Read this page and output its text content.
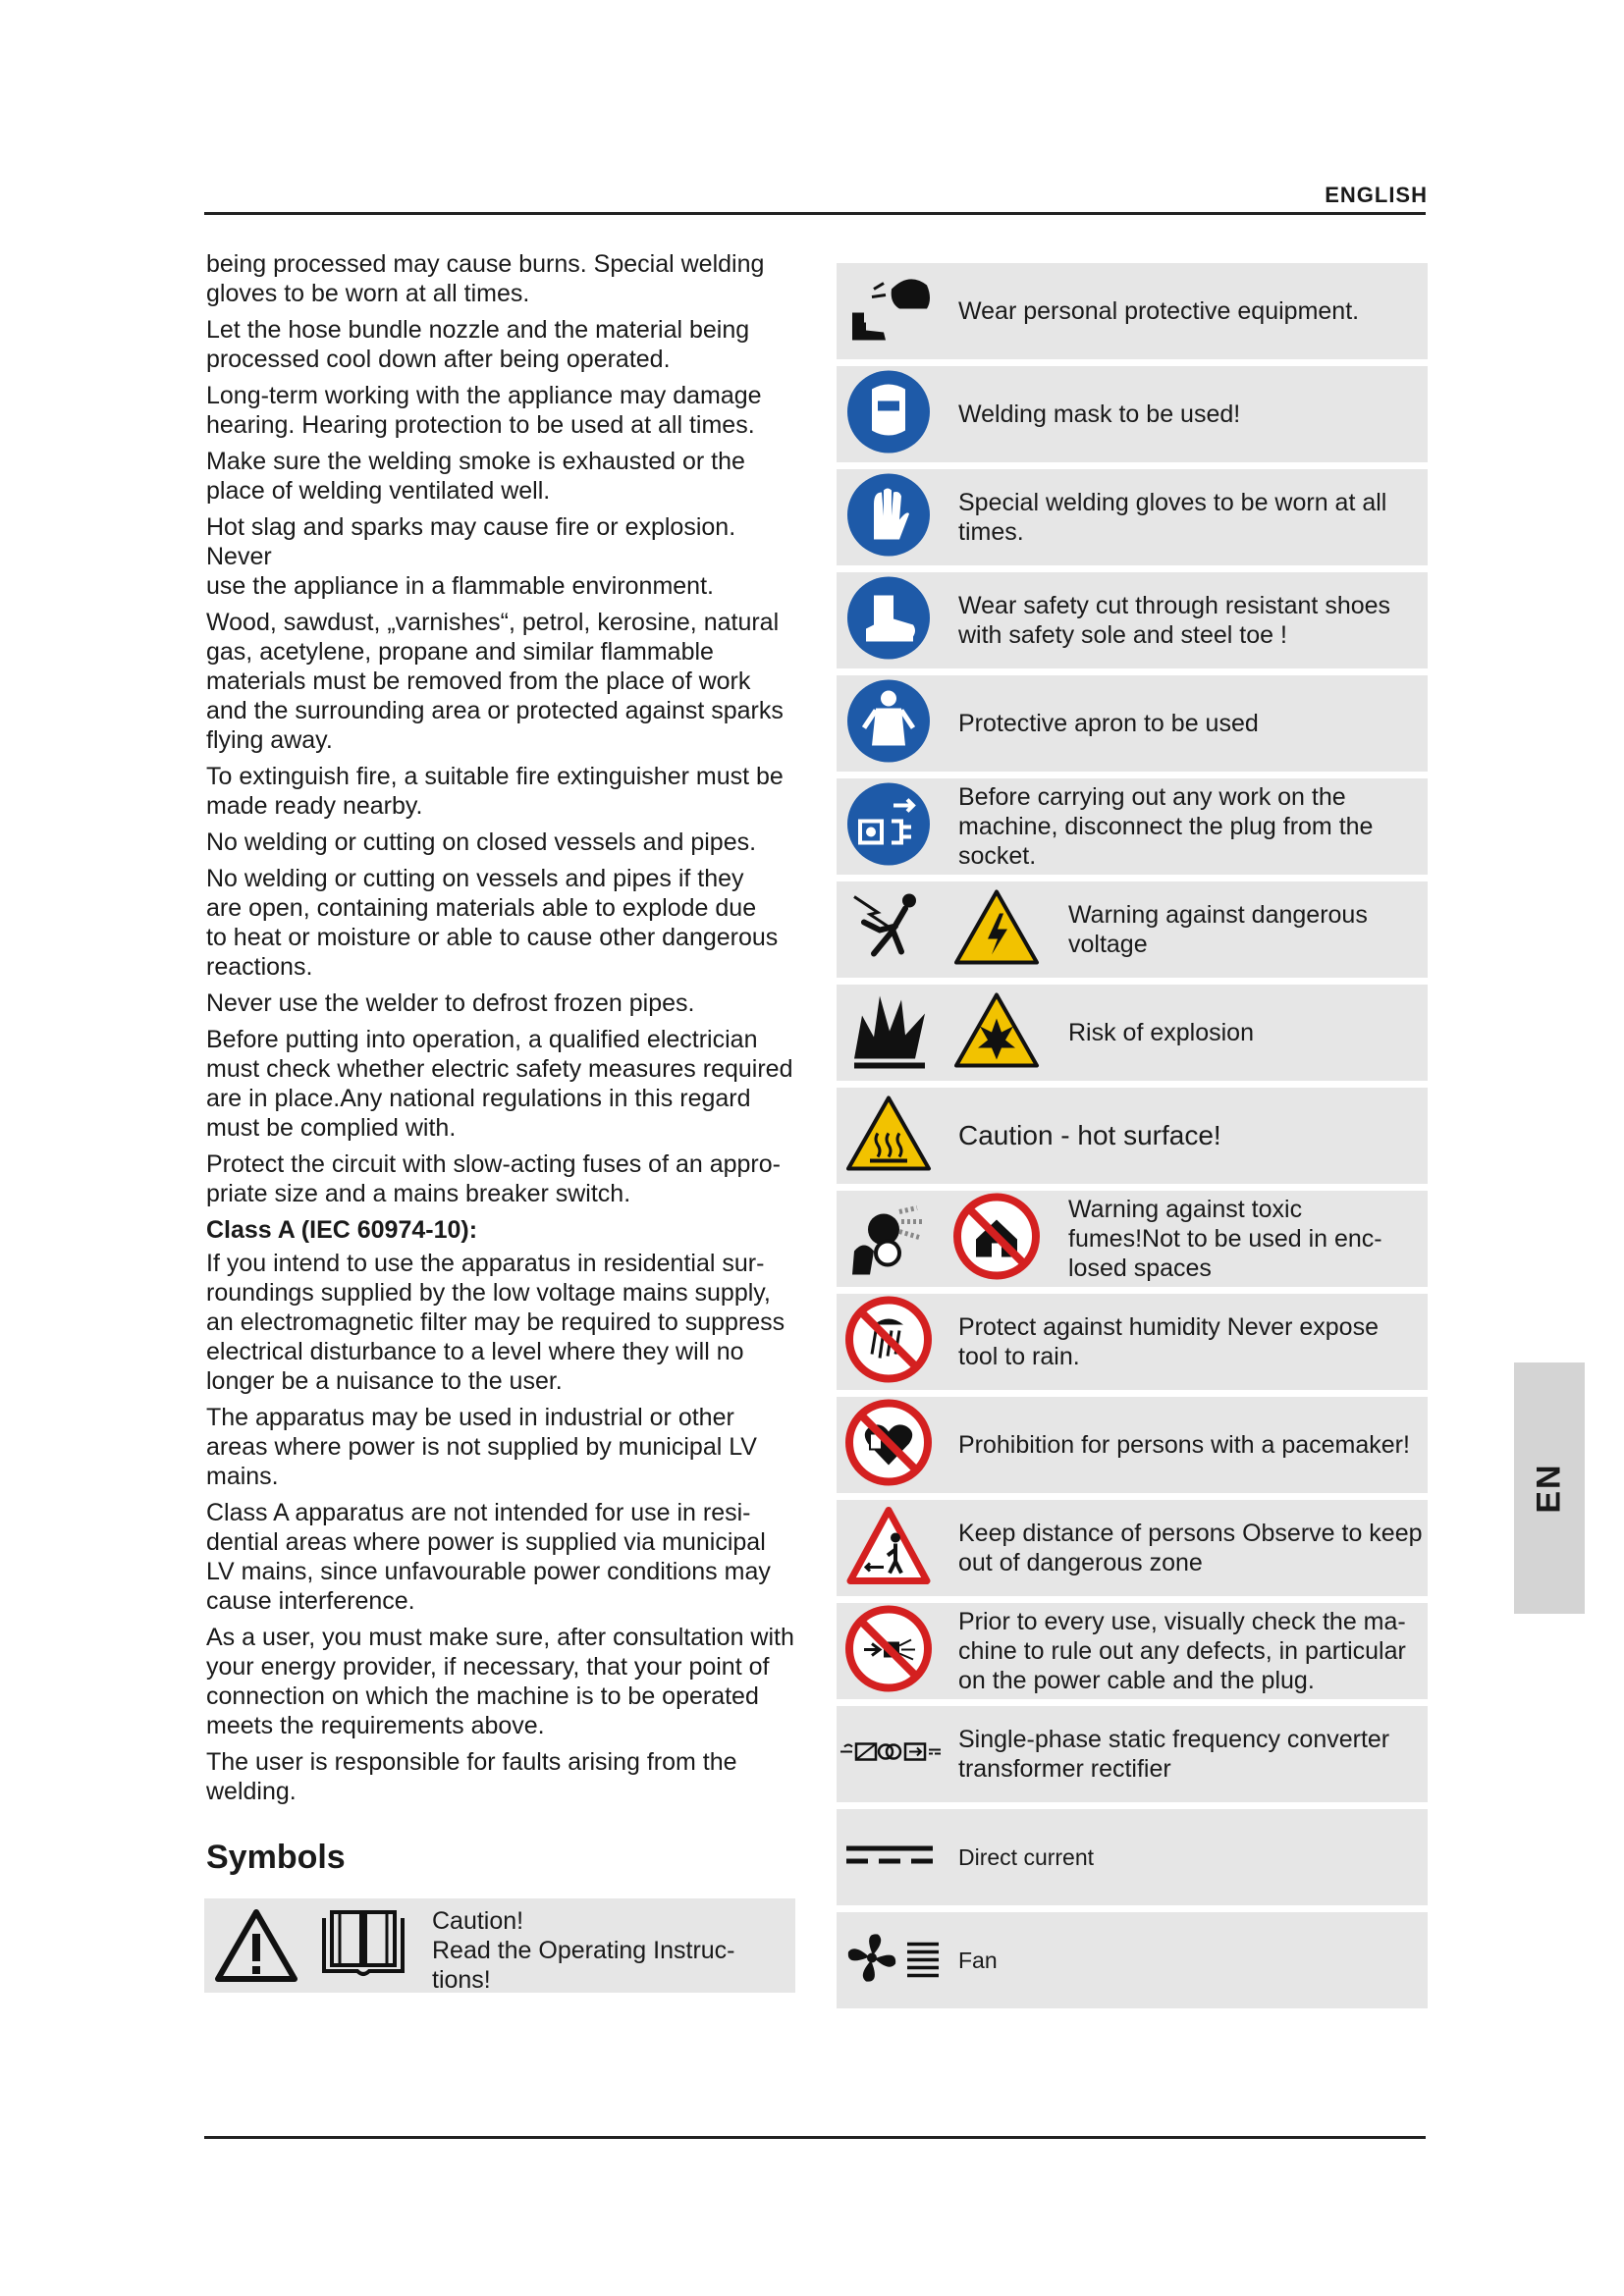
ENGLISH

being processed may cause burns. Special welding
gloves to be worn at all times.

Let the hose bundle nozzle and the material being
processed cool down after being operated.

Long-term working with the appliance may damage
hearing. Hearing protection to be used at all times.

Make sure the welding smoke is exhausted or the
place of welding ventilated well.

Hot slag and sparks may cause fire or explosion. Never
use the appliance in a flammable environment.

Wood, sawdust, „varnishes“, petrol, kerosine, natural
gas, acetylene, propane and similar flammable
materials must be removed from the place of work
and the surrounding area or protected against sparks
flying away.

To extinguish fire, a suitable fire extinguisher must be
made ready nearby.

No welding or cutting on closed vessels and pipes.

No welding or cutting on vessels and pipes if they
are open, containing materials able to explode due
to heat or moisture or able to cause other dangerous
reactions.

Never use the welder to defrost frozen pipes.

Before putting into operation, a qualified electrician
must check whether electric safety measures required
are in place.Any national regulations in this regard
must be complied with.

Protect the circuit with slow-acting fuses of an appro-
priate size and a mains breaker switch.

Class A (IEC 60974-10):

If you intend to use the apparatus in residential sur-
roundings supplied by the low voltage mains supply,
an electromagnetic filter may be required to suppress
electrical disturbance to a level where they will no
longer be a nuisance to the user.

The apparatus may be used in industrial or other
areas where power is not supplied by municipal LV
mains.

Class A apparatus are not intended for use in resi-
dential areas where power is supplied via municipal
LV mains, since unfavourable power conditions may
cause interference.

As a user, you must make sure, after consultation with
your energy provider, if necessary, that your point of
connection on which the machine is to be operated
meets the requirements above.

The user is responsible for faults arising from the
welding.

Symbols
Caution!
Read the Operating Instruc-
tions!
Wear personal protective equipment.
Welding mask to be used!
Special welding gloves to be worn at all
times.
Wear safety cut through resistant shoes
with safety sole and steel toe !
Protective apron to be used
Before carrying out any work on the
machine, disconnect the plug from the
socket.
Warning against dangerous
voltage
Risk of explosion
Caution - hot surface!
Warning against toxic
fumes!Not to be used in enc-
losed spaces
Protect against humidity Never expose
tool to rain.
Prohibition for persons with a pacemaker!
Keep distance of persons Observe to keep
out of dangerous zone
Prior to every use, visually check the ma-
chine to rule out any defects, in particular
on the power cable and the plug.
Single-phase static frequency converter
transformer rectifier
Direct current
Fan
EN
